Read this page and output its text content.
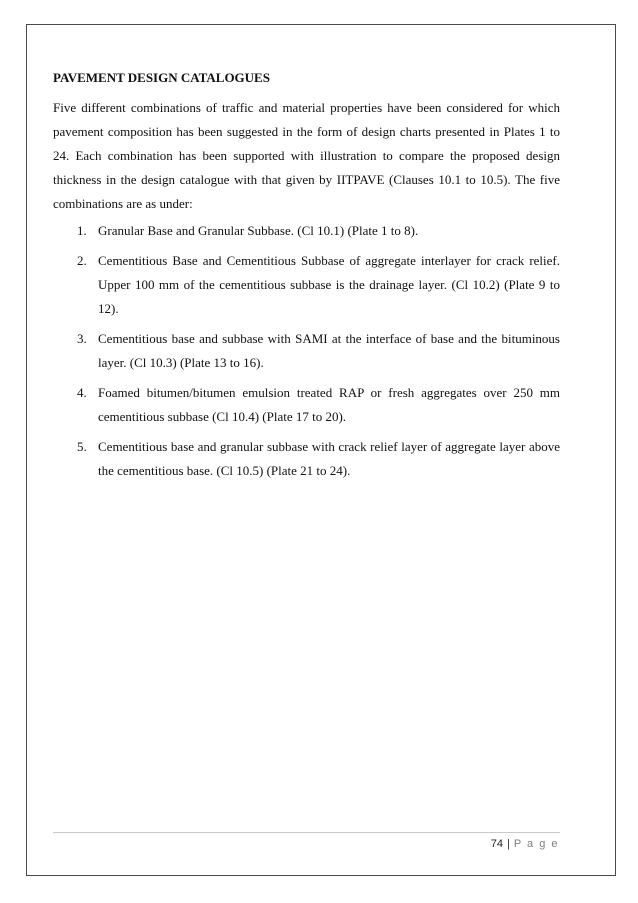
PAVEMENT DESIGN CATALOGUES

Five different combinations of traffic and material properties have been considered for which pavement composition has been suggested in the form of design charts presented in Plates 1 to 24. Each combination has been supported with illustration to compare the proposed design thickness in the design catalogue with that given by IITPAVE (Clauses 10.1 to 10.5). The five combinations are as under:

1. Granular Base and Granular Subbase. (Cl 10.1) (Plate 1 to 8).
2. Cementitious Base and Cementitious Subbase of aggregate interlayer for crack relief. Upper 100 mm of the cementitious subbase is the drainage layer. (Cl 10.2) (Plate 9 to 12).
3. Cementitious base and subbase with SAMI at the interface of base and the bituminous layer. (Cl 10.3) (Plate 13 to 16).
4. Foamed bitumen/bitumen emulsion treated RAP or fresh aggregates over 250 mm cementitious subbase (Cl 10.4) (Plate 17 to 20).
5. Cementitious base and granular subbase with crack relief layer of aggregate layer above the cementitious base. (Cl 10.5) (Plate 21 to 24).
74 | P a g e
